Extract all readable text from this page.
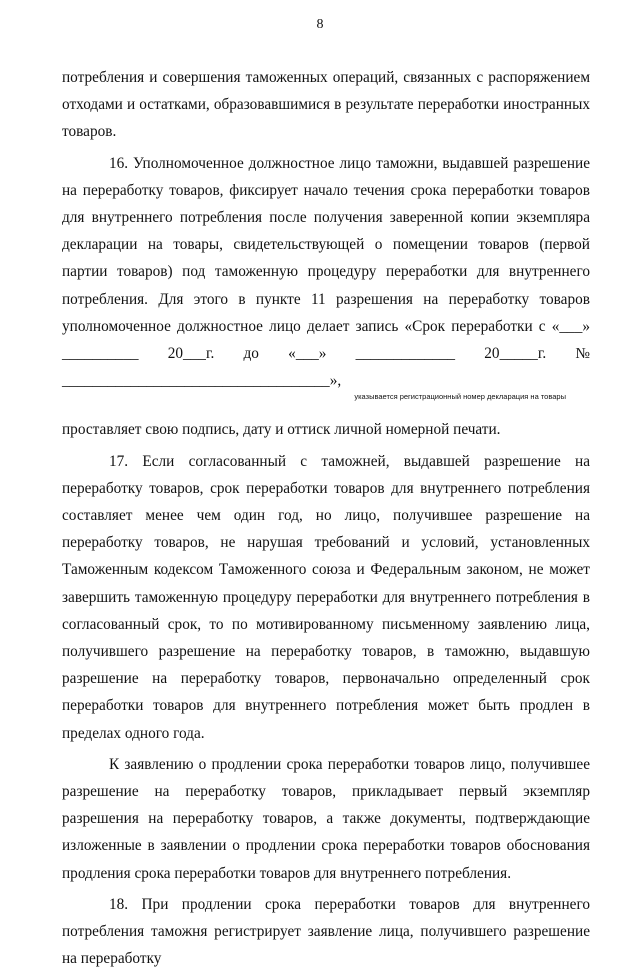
8

потребления и совершения таможенных операций, связанных с распоряжением отходами и остатками, образовавшимися в результате переработки иностранных товаров.

16. Уполномоченное должностное лицо таможни, выдавшей разрешение на переработку товаров, фиксирует начало течения срока переработки товаров для внутреннего потребления после получения заверенной копии экземпляра декларации на товары, свидетельствующей о помещении товаров (первой партии товаров) под таможенную процедуру переработки для внутреннего потребления. Для этого в пункте 11 разрешения на переработку товаров уполномоченное должностное лицо делает запись «Срок переработки с «___» __________ 20___г. до «___» _____________ 20_____г. № ___________________________________»,

указывается регистрационный номер декларация на товары

проставляет свою подпись, дату и оттиск личной номерной печати.

17. Если согласованный с таможней, выдавшей разрешение на переработку товаров, срок переработки товаров для внутреннего потребления составляет менее чем один год, но лицо, получившее разрешение на переработку товаров, не нарушая требований и условий, установленных Таможенным кодексом Таможенного союза и Федеральным законом, не может завершить таможенную процедуру переработки для внутреннего потребления в согласованный срок, то по мотивированному письменному заявлению лица, получившего разрешение на переработку товаров, в таможню, выдавшую разрешение на переработку товаров, первоначально определенный срок переработки товаров для внутреннего потребления может быть продлен в пределах одного года.

К заявлению о продлении срока переработки товаров лицо, получившее разрешение на переработку товаров, прикладывает первый экземпляр разрешения на переработку товаров, а также документы, подтверждающие изложенные в заявлении о продлении срока переработки товаров обоснования продления срока переработки товаров для внутреннего потребления.

18. При продлении срока переработки товаров для внутреннего потребления таможня регистрирует заявление лица, получившего разрешение на переработку
